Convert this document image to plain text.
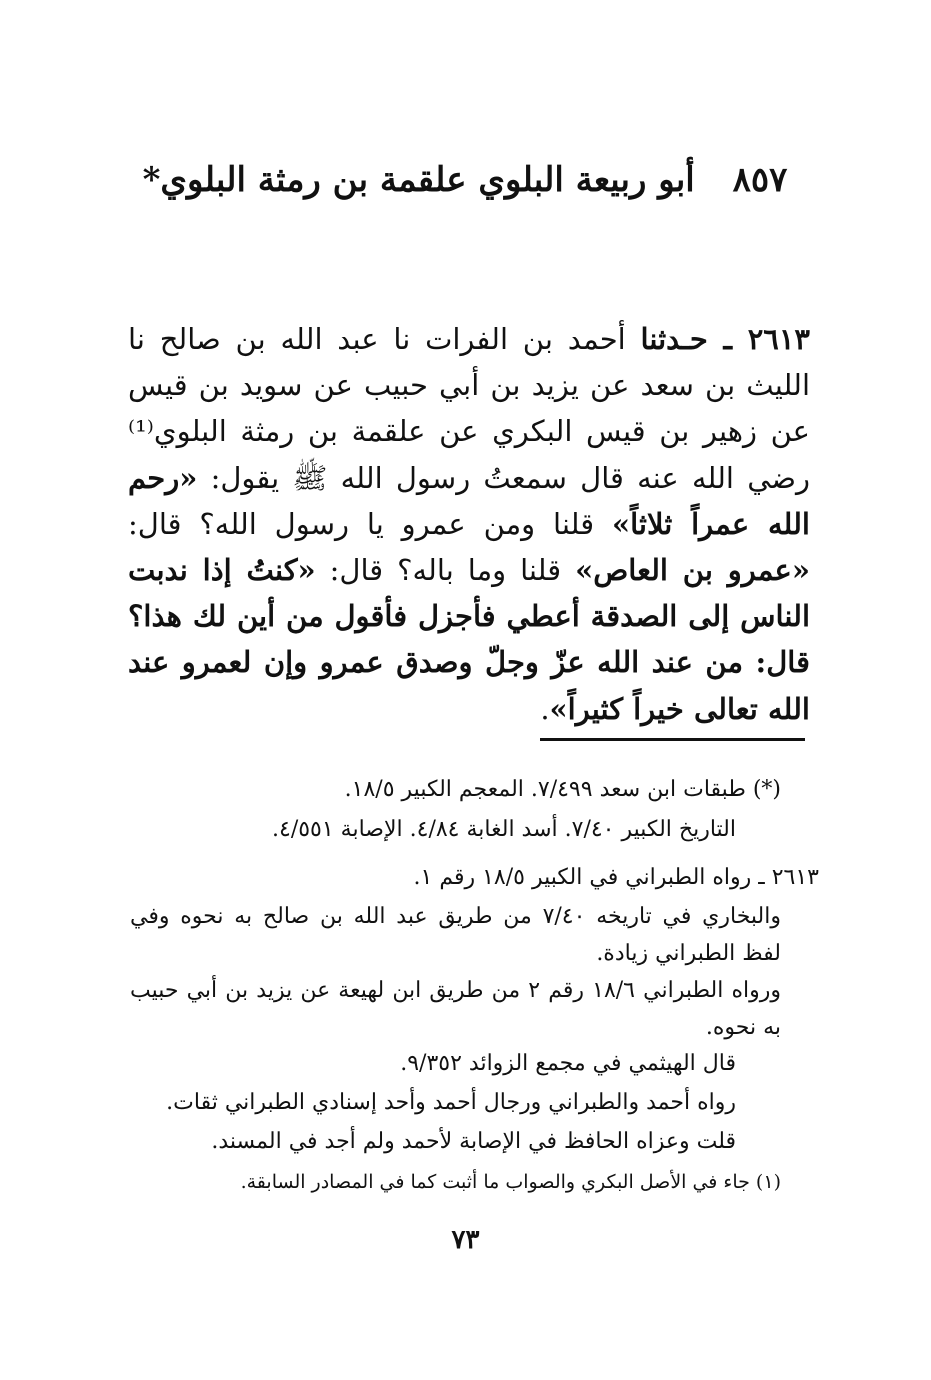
٨٥٧ أبو ربيعة البلوي علقمة بن رمثة البلوي*

٢٦١٣ ـ حـدثنا أحمد بن الفرات نا عبد الله بن صالح نا الليث بن سعد عن يزيد بن أبي حبيب عن سويد بن قيس عن زهير بن قيس البكري عن علقمة بن رمثة البلوي⁽¹⁾ رضي الله عنه قال سمعتُ رسول الله ﷺ يقول: «رحم الله عمراً ثلاثاً» قلنا ومن عمرو يا رسول الله؟ قال: «عمرو بن العاص» قلنا وما باله؟ قال: «كنتُ إذا ندبت الناس إلى الصدقة أعطي فأجزل فأقول من أين لك هذا؟ قال: من عند الله عزّ وجلّ وصدق عمرو وإن لعمرو عند الله تعالى خيراً كثيراً».

(*) طبقات ابن سعد ٧/٤٩٩. المعجم الكبير ١٨/٥.
التاريخ الكبير ٧/٤٠. أسد الغابة ٤/٨٤. الإصابة ٤/٥٥١.
٢٦١٣ ـ رواه الطبراني في الكبير ١٨/٥ رقم ١.
والبخاري في تاريخه ٧/٤٠ من طريق عبد الله بن صالح به نحوه وفي لفظ الطبراني زيادة.
ورواه الطبراني ١٨/٦ رقم ٢ من طريق ابن لهيعة عن يزيد بن أبي حبيب به نحوه.
قال الهيثمي في مجمع الزوائد ٩/٣٥٢.
رواه أحمد والطبراني ورجال أحمد وأحد إسنادي الطبراني ثقات.
قلت وعزاه الحافظ في الإصابة لأحمد ولم أجد في المسند.
(١) جاء في الأصل البكري والصواب ما أثبت كما في المصادر السابقة.
٧٣
